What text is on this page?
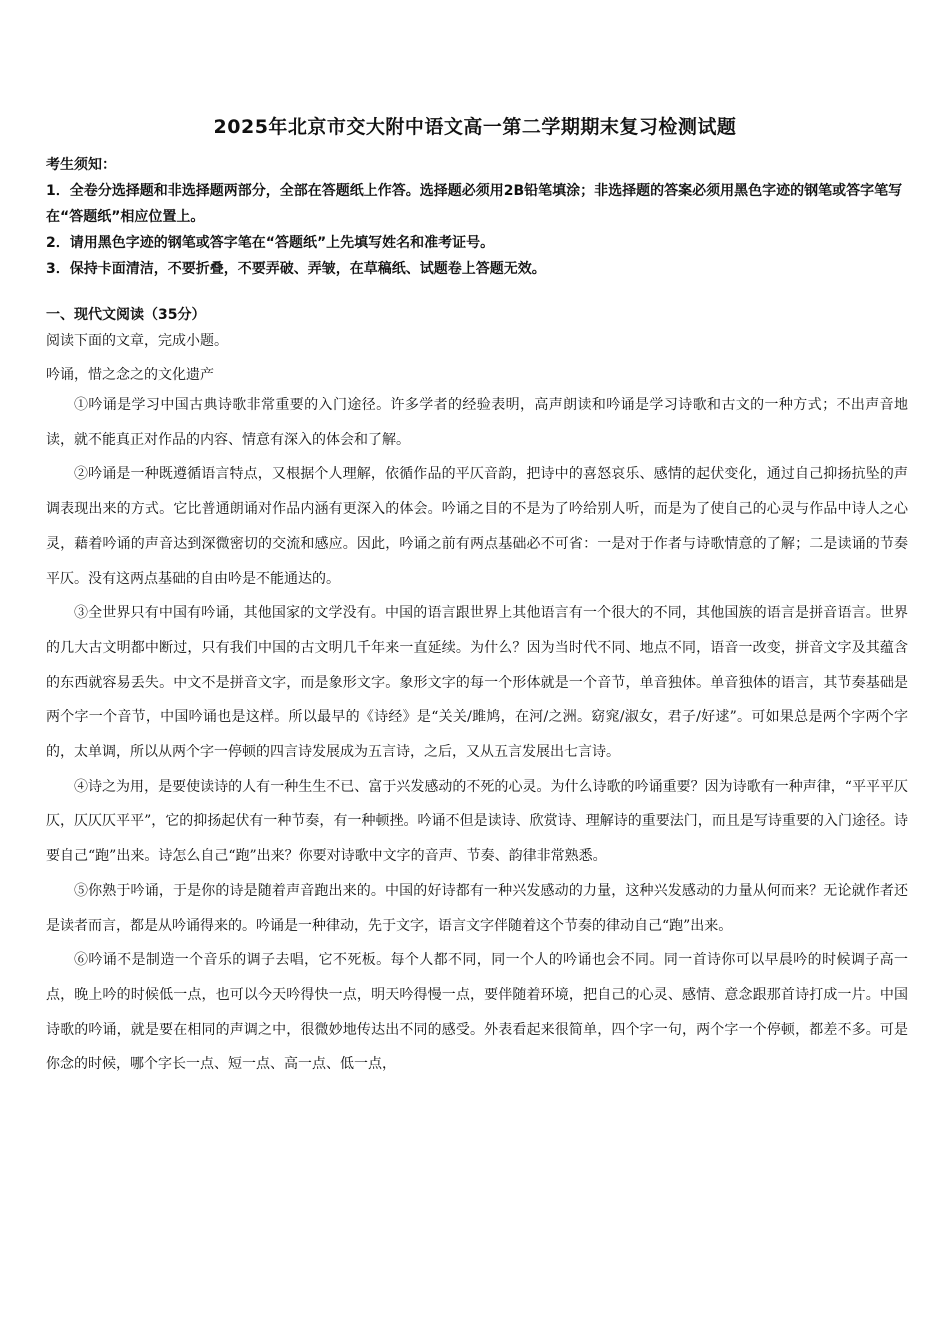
2025年北京市交大附中语文高一第二学期期末复习检测试题

考生须知：

1．全卷分选择题和非选择题两部分，全部在答题纸上作答。选择题必须用2B铅笔填涂；非选择题的答案必须用黑色字迹的钢笔或答字笔写在“答题纸”相应位置上。

2．请用黑色字迹的钢笔或答字笔在“答题纸”上先填写姓名和准考证号。

3．保持卡面清洁，不要折叠，不要弄破、弄皱，在草稿纸、试题卷上答题无效。

一、现代文阅读（35分）

阅读下面的文章，完成小题。

吟诵，惜之念之的文化遗产

①吟诵是学习中国古典诗歌非常重要的入门途径。许多学者的经验表明，高声朗读和吟诵是学习诗歌和古文的一种方式；不出声音地读，就不能真正对作品的内容、情意有深入的体会和了解。

②吟诵是一种既遵循语言特点，又根据个人理解，依循作品的平仄音韵，把诗中的喜怒哀乐、感情的起伏变化，通过自己抑扬抗坠的声调表现出来的方式。它比普通朗诵对作品内涵有更深入的体会。吟诵之目的不是为了吟给别人听，而是为了使自己的心灵与作品中诗人之心灵，藉着吟诵的声音达到深微密切的交流和感应。因此，吟诵之前有两点基础必不可省：一是对于作者与诗歌情意的了解；二是读诵的节奏平仄。没有这两点基础的自由吟是不能通达的。

③全世界只有中国有吟诵，其他国家的文学没有。中国的语言跟世界上其他语言有一个很大的不同，其他国族的语言是拼音语言。世界的几大古文明都中断过，只有我们中国的古文明几千年来一直延续。为什么？因为当时代不同、地点不同，语音一改变，拼音文字及其蕴含的东西就容易丢失。中文不是拼音文字，而是象形文字。象形文字的每一个形体就是一个音节，单音独体。单音独体的语言，其节奏基础是两个字一个音节，中国吟诵也是这样。所以最早的《诗经》是“关关/雎鸠，在河/之洲。窈窕/淑女，君子/好逑”。可如果总是两个字两个字的，太单调，所以从两个字一停顿的四言诗发展成为五言诗，之后，又从五言发展出七言诗。

④诗之为用，是要使读诗的人有一种生生不已、富于兴发感动的不死的心灵。为什么诗歌的吟诵重要？因为诗歌有一种声律，“平平平仄仄，仄仄仄平平”，它的抑扬起伏有一种节奏，有一种顿挫。吟诵不但是读诗、欣赏诗、理解诗的重要法门，而且是写诗重要的入门途径。诗要自己“跑”出来。诗怎么自己“跑”出来？你要对诗歌中文字的音声、节奏、韵律非常熟悉。

⑤你熟于吟诵，于是你的诗是随着声音跑出来的。中国的好诗都有一种兴发感动的力量，这种兴发感动的力量从何而来？无论就作者还是读者而言，都是从吟诵得来的。吟诵是一种律动，先于文字，语言文字伴随着这个节奏的律动自己“跑”出来。

⑥吟诵不是制造一个音乐的调子去唱，它不死板。每个人都不同，同一个人的吟诵也会不同。同一首诗你可以早晨吟的时候调子高一点，晚上吟的时候低一点，也可以今天吟得快一点，明天吟得慢一点，要伴随着环境，把自己的心灵、感情、意念跟那首诗打成一片。中国诗歌的吟诵，就是要在相同的声调之中，很微妙地传达出不同的感受。外表看起来很简单，四个字一句，两个字一个停顿，都差不多。可是你念的时候，哪个字长一点、短一点、高一点、低一点，
